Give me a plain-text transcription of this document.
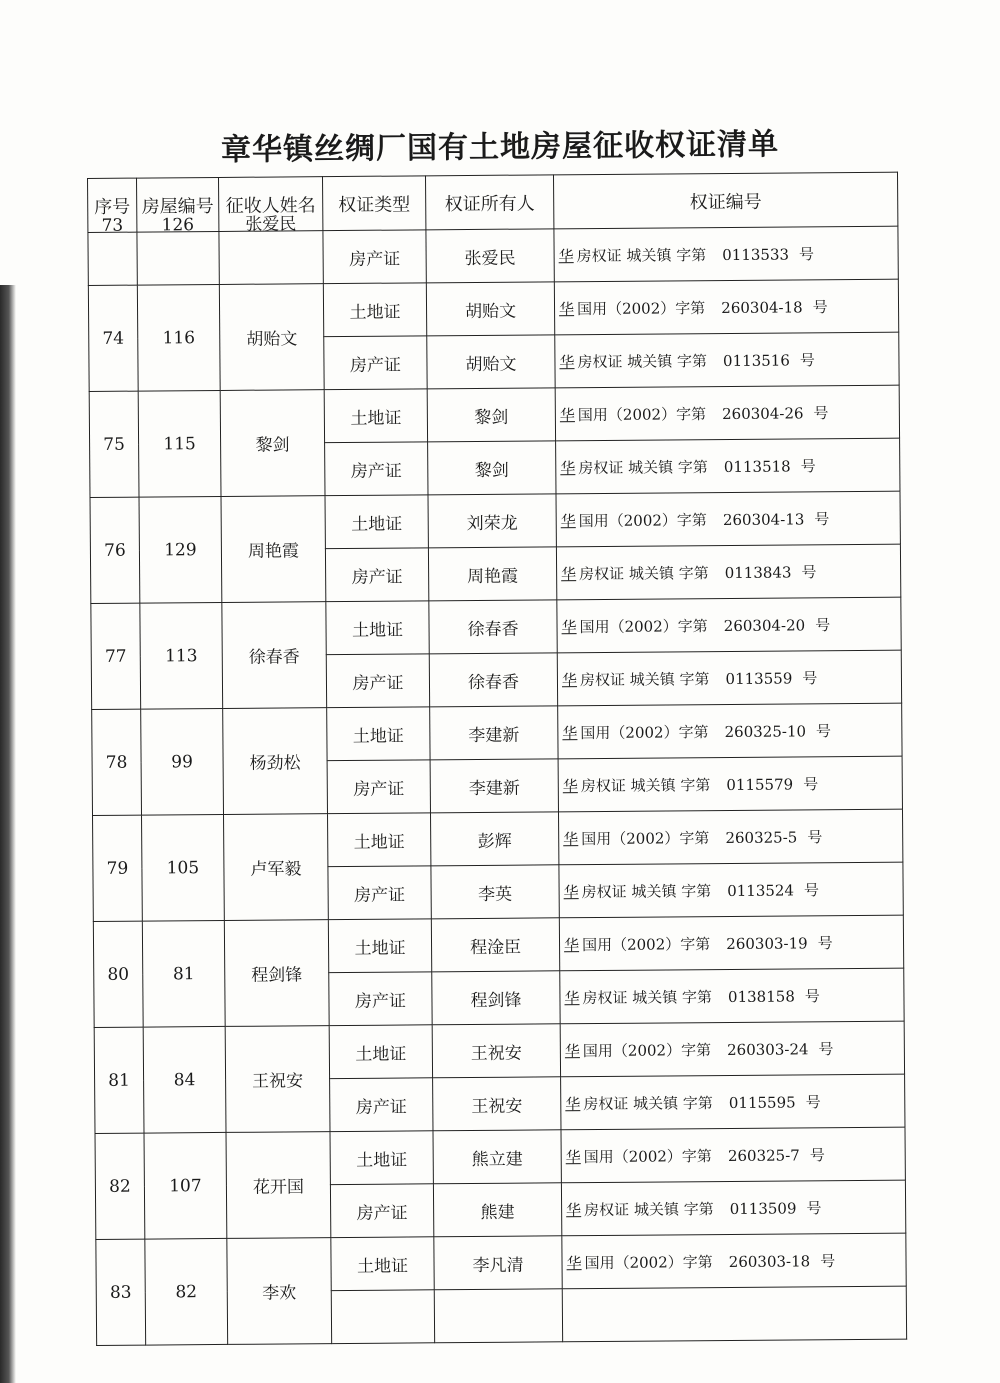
章华镇丝绸厂国有土地房屋征收权证清单
序号	房屋编号	征收人姓名	权证类型	权证所有人	权证编号
73	126	张爱民	房产证	张爱民	华 房权证 城关镇 字第 0113533 号
74	116	胡贻文	土地证	胡贻文	华 国用（2002）字第 260304-18 号
			房产证	胡贻文	华 房权证 城关镇 字第 0113516 号
75	115	黎剑	土地证	黎剑	华 国用（2002）字第 260304-26 号
			房产证	黎剑	华 房权证 城关镇 字第 0113518 号
76	129	周艳霞	土地证	刘荣龙	华 国用（2002）字第 260304-13 号
			房产证	周艳霞	华 房权证 城关镇 字第 0113843 号
77	113	徐春香	土地证	徐春香	华 国用（2002）字第 260304-20 号
			房产证	徐春香	华 房权证 城关镇 字第 0113559 号
78	99	杨劲松	土地证	李建新	华 国用（2002）字第 260325-10 号
			房产证	李建新	华 房权证 城关镇 字第 0115579 号
79	105	卢军毅	土地证	彭辉	华 国用（2002）字第 260325-5 号
			房产证	李英	华 房权证 城关镇 字第 0113524 号
80	81	程剑锋	土地证	程淦臣	华 国用（2002）字第 260303-19 号
			房产证	程剑锋	华 房权证 城关镇 字第 0138158 号
81	84	王祝安	土地证	王祝安	华 国用（2002）字第 260303-24 号
			房产证	王祝安	华 房权证 城关镇 字第 0115595 号
82	107	花开国	土地证	熊立建	华 国用（2002）字第 260325-7 号
			房产证	熊建	华 房权证 城关镇 字第 0113509 号
83	82	李欢	土地证	李凡清	华 国用（2002）字第 260303-18 号
